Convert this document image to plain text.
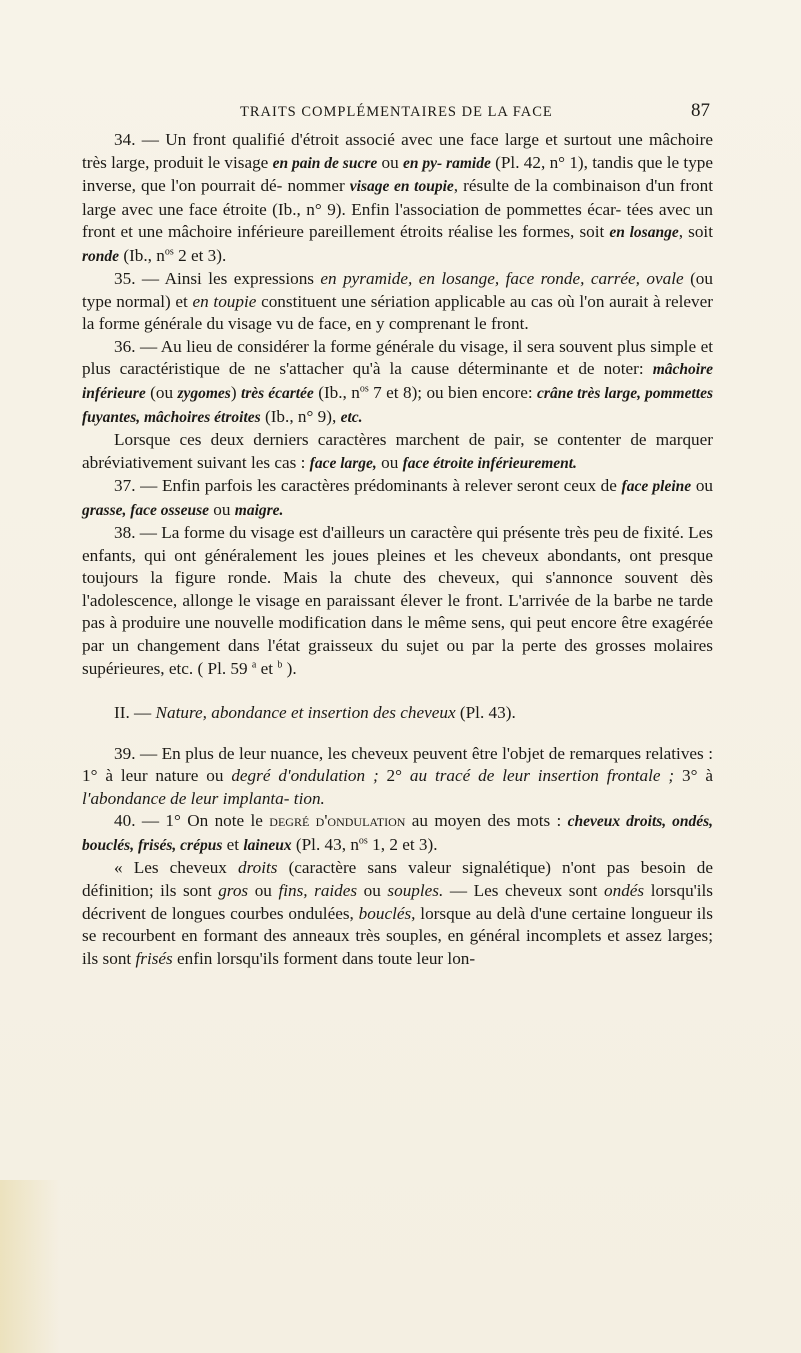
TRAITS COMPLÉMENTAIRES DE LA FACE	87

34. — Un front qualifié d'étroit associé avec une face large et surtout une mâchoire très large, produit le visage en pain de sucre ou en py- ramide (Pl. 42, n° 1), tandis que le type inverse, que l'on pourrait dé- nommer visage en toupie, résulte de la combinaison d'un front large avec une face étroite (Ib., n° 9). Enfin l'association de pommettes écar- tées avec un front et une mâchoire inférieure pareillement étroits réalise les formes, soit en losange, soit ronde (Ib., $n^{os}$ 2 et 3).

35. — Ainsi les expressions en pyramide, en losange, face ronde, carrée, ovale (ou type normal) et en toupie constituent une sériation applicable au cas où l'on aurait à relever la forme générale du visage vu de face, en y comprenant le front.

36. — Au lieu de considérer la forme générale du visage, il sera souvent plus simple et plus caractéristique de ne s'attacher qu'à la cause déterminante et de noter: mâchoire inférieure (ou zygomes) très écartée (Ib., $n^{os}$ 7 et 8); ou bien encore: crâne très large, pommettes fuyantes, mâchoires étroites (Ib., n° 9), etc.

Lorsque ces deux derniers caractères marchent de pair, se contenter de marquer abréviativement suivant les cas : face large, ou face étroite inférieurement.

37. — Enfin parfois les caractères prédominants à relever seront ceux de face pleine ou grasse, face osseuse ou maigre.

38. — La forme du visage est d'ailleurs un caractère qui présente très peu de fixité. Les enfants, qui ont généralement les joues pleines et les cheveux abondants, ont presque toujours la figure ronde. Mais la chute des cheveux, qui s'annonce souvent dès l'adolescence, allonge le visage en paraissant élever le front. L'arrivée de la barbe ne tarde pas à produire une nouvelle modification dans le même sens, qui peut encore être exagérée par un changement dans l'état graisseux du sujet ou par la perte des grosses molaires supérieures, etc. ( Pl. 59 $^a$ et $^b$ ).

II. — Nature, abondance et insertion des cheveux (Pl. 43).

39. — En plus de leur nuance, les cheveux peuvent être l'objet de remarques relatives : 1° à leur nature ou degré d'ondulation ; 2° au tracé de leur insertion frontale ; 3° à l'abondance de leur implanta- tion.

40. — 1° On note le degré d'ondulation au moyen des mots : cheveux droits, ondés, bouclés, frisés, crépus et laineux (Pl. 43, $n^{os}$ 1, 2 et 3).

« Les cheveux droits (caractère sans valeur signalétique) n'ont pas besoin de définition; ils sont gros ou fins, raides ou souples. — Les cheveux sont ondés lorsqu'ils décrivent de longues courbes ondulées, bouclés, lorsque au delà d'une certaine longueur ils se recourbent en formant des anneaux très souples, en général incomplets et assez larges; ils sont frisés enfin lorsqu'ils forment dans toute leur lon-
